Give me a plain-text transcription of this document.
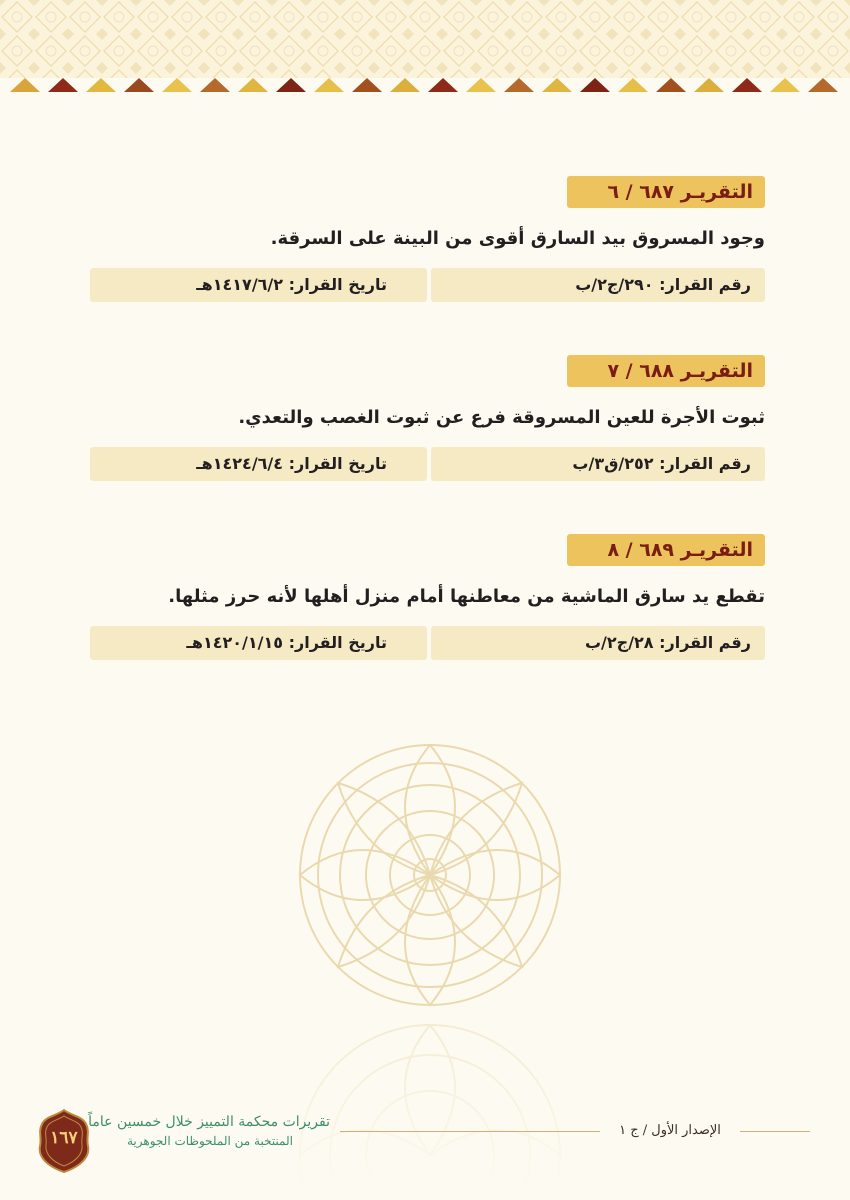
التقريـر ٦٨٧ / ٦
وجود المسروق بيد السارق أقوى من البينة على السرقة.
رقم القرار: ٢٩٠/ج٢/ب
تاريخ القرار: ١٤١٧/٦/٢هـ
التقريـر ٦٨٨ / ٧
ثبوت الأجرة للعين المسروقة فرع عن ثبوت الغصب والتعدي.
رقم القرار: ٢٥٢/ق٣/ب
تاريخ القرار: ١٤٢٤/٦/٤هـ
التقريـر ٦٨٩ / ٨
تقطع يد سارق الماشية من معاطنها أمام منزل أهلها لأنه حرز مثلها.
رقم القرار: ٢٨/ج٢/ب
تاريخ القرار: ١٤٢٠/١/١٥هـ
الإصدار الأول / ج ١
تقريرات محكمة التمييز خلال خمسين عاماً
المنتخبة من الملحوظات الجوهرية
١٦٧
